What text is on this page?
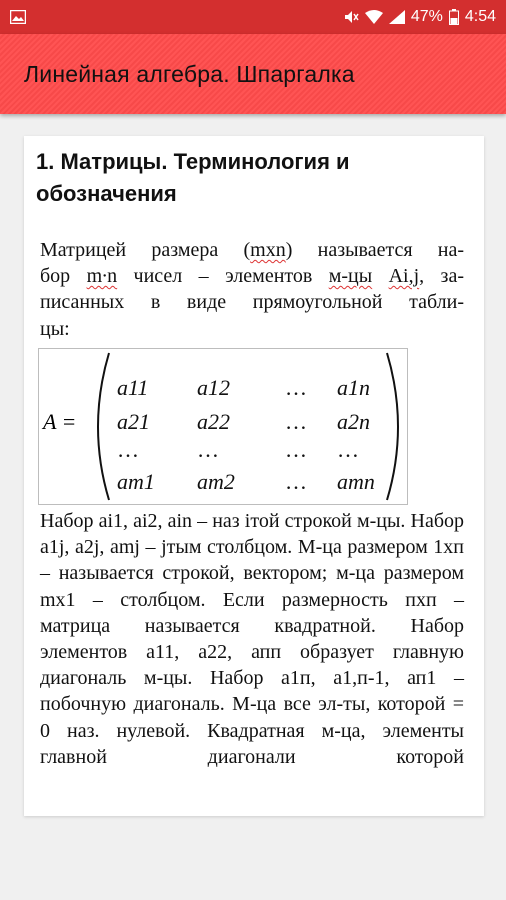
47% 4:54
Линейная алгебра. Шпаргалка
1. Матрицы. Терминология и обозначения
Матрицей размера (mxn) называется на-
бор m∙n чисел – элементов м-цы Ai,j, за-
писанных в виде прямоугольной табли-
цы:
A =
a11 a12	… a1n
a21 a22	… a2n
…	…	… …
am1 am2 … amn
Набор ai1, ai2, ain – наз iтой строкой м-цы. Набор a1j, a2j, amj – jтым столбцом. М-ца размером 1хп – называется строкой, вектором; м-ца размером mx1 – столбцом. Если размерность пхп – матрица называется квадратной. Набор элементов а11, а22, апп образует главную диагональ м-цы. Набор а1п, а1,п-1, ап1 – побочную диагональ. М-ца все эл-ты, которой = 0 наз. нулевой. Квадратная м-ца, элементы главной диагонали которой
